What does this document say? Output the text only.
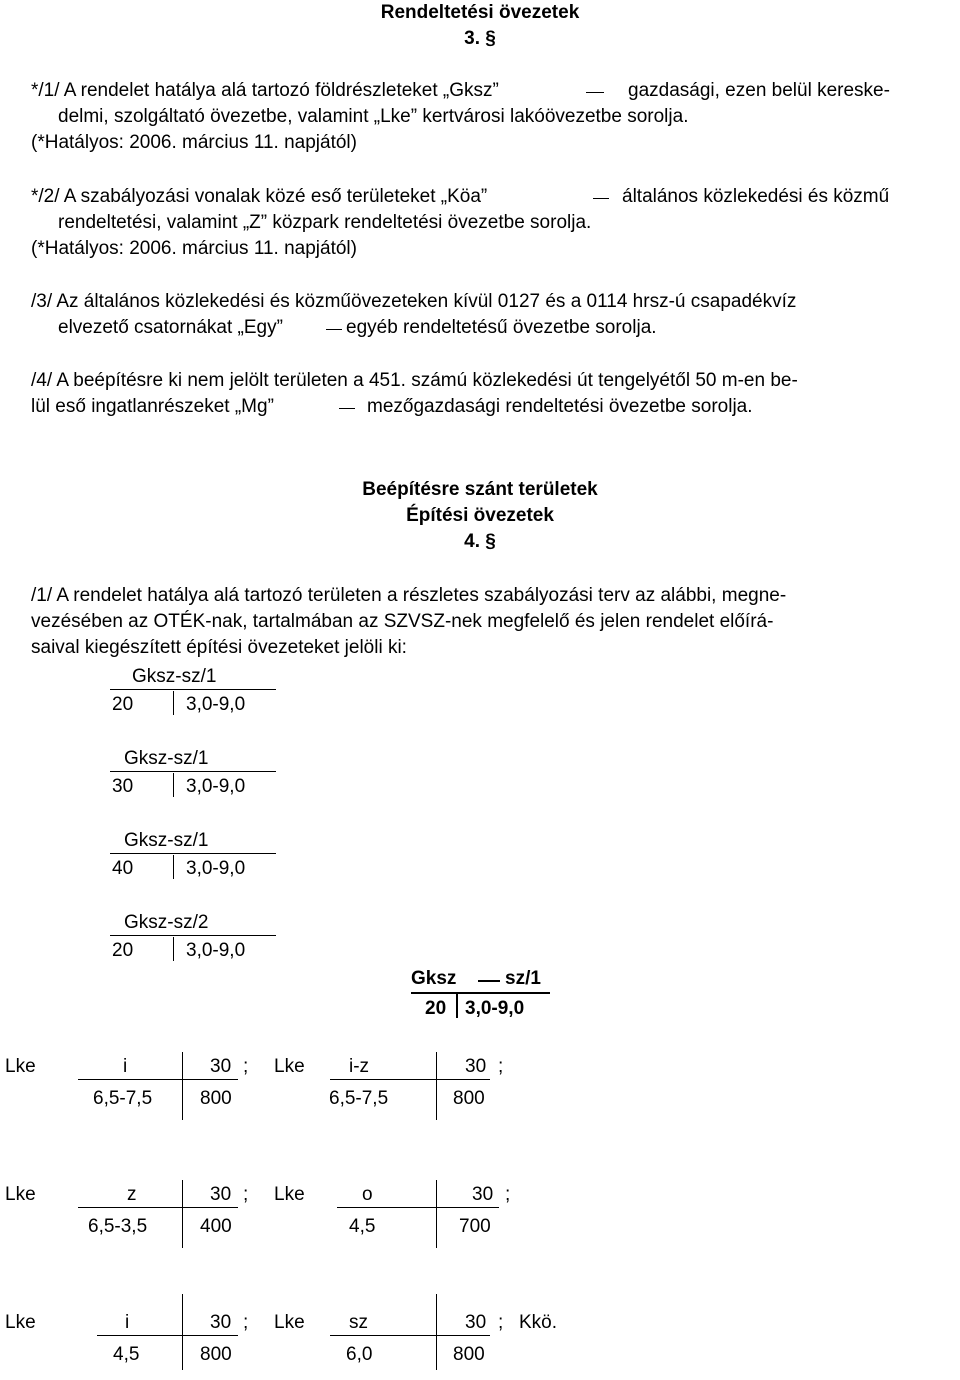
Rendeltetési övezetek
3. §
*/1/ A rendelet hatálya alá tartozó földrészleteket „Gksz”	gazdasági, ezen belül kereske-
delmi, szolgáltató övezetbe, valamint „Lke” kertvárosi lakóövezetbe sorolja.
(*Hatályos: 2006. március 11. napjától)
*/2/ A szabályozási vonalak közé eső területeket „Köa”	általános közlekedési és közmű
rendeltetési, valamint „Z” közpark rendeltetési övezetbe sorolja.
(*Hatályos: 2006. március 11. napjától)
/3/ Az általános közlekedési és közműövezeteken kívül 0127 és a 0114 hrsz-ú csapadékvíz
elvezető csatornákat „Egy”	egyéb rendeltetésű övezetbe sorolja.
/4/ A beépítésre ki nem jelölt területen a 451. számú közlekedési út tengelyétől 50 m-en be-
lül eső ingatlanrészeket „Mg”	mezőgazdasági rendeltetési övezetbe sorolja.
Beépítésre szánt területek
Építési övezetek
4. §
/1/ A rendelet hatálya alá tartozó területen a részletes szabályozási terv az alábbi, megne-
vezésében az OTÉK-nak, tartalmában az SZVSZ-nek megfelelő és jelen rendelet előírá-
saival kiegészített építési övezeteket jelöli ki:
Gksz-sz/1
20	3,0-9,0
Gksz-sz/1
30	3,0-9,0
Gksz-sz/1
40	3,0-9,0
Gksz-sz/2
20	3,0-9,0
Gksz	sz/1
20 3,0-9,0
Lke	i	30 ;
6,5-7,5	800
Lke i-z	30 ;
6,5-7,5	800
Lke	z	30 ;
6,5-3,5	400
Lke	o	30 ;
4,5	700
Lke	i	30 ;
4,5	800
Lke sz	30 ;
6,0	800
Kkö.
